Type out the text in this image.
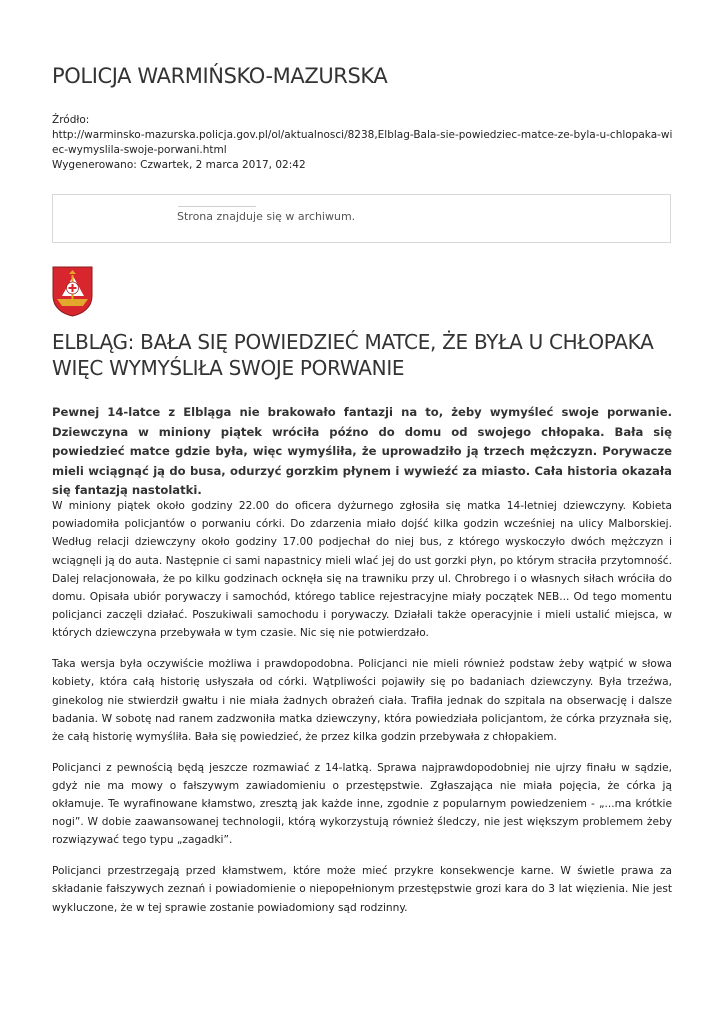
POLICJA WARMIŃSKO-MAZURSKA
Źródło:
http://warminsko-mazurska.policja.gov.pl/ol/aktualnosci/8238,Elblag-Bala-sie-powiedziec-matce-ze-byla-u-chlopaka-wiec-wymyslila-swoje-porwani.html
Wygenerowano: Czwartek, 2 marca 2017, 02:42
Strona znajduje się w archiwum.
ELBLĄG: BAŁA SIĘ POWIEDZIEĆ MATCE, ŻE BYŁA U CHŁOPAKA WIĘC WYMYŚLIŁA SWOJE PORWANIE

Pewnej 14-latce z Elbląga nie brakowało fantazji na to, żeby wymyśleć swoje porwanie. Dziewczyna w miniony piątek wróciła późno do domu od swojego chłopaka. Bała się powiedzieć matce gdzie była, więc wymyśliła, że uprowadziło ją trzech mężczyzn. Porywacze mieli wciągnąć ją do busa, odurzyć gorzkim płynem i wywieźć za miasto. Cała historia okazała się fantazją nastolatki.

W miniony piątek około godziny 22.00 do oficera dyżurnego zgłosiła się matka 14-letniej dziewczyny. Kobieta powiadomiła policjantów o porwaniu córki. Do zdarzenia miało dojść kilka godzin wcześniej na ulicy Malborskiej. Według relacji dziewczyny około godziny 17.00 podjechał do niej bus, z którego wyskoczyło dwóch mężczyzn i wciągnęli ją do auta. Następnie ci sami napastnicy mieli wlać jej do ust gorzki płyn, po którym straciła przytomność. Dalej relacjonowała, że po kilku godzinach ocknęła się na trawniku przy ul. Chrobrego i o własnych siłach wróciła do domu. Opisała ubiór porywaczy i samochód, którego tablice rejestracyjne miały początek NEB... Od tego momentu policjanci zaczęli działać. Poszukiwali samochodu i porywaczy. Działali także operacyjnie i mieli ustalić miejsca, w których dziewczyna przebywała w tym czasie. Nic się nie potwierdzało.

Taka wersja była oczywiście możliwa i prawdopodobna. Policjanci nie mieli również podstaw żeby wątpić w słowa kobiety, która całą historię usłyszała od córki. Wątpliwości pojawiły się po badaniach dziewczyny. Była trzeźwa, ginekolog nie stwierdził gwałtu i nie miała żadnych obrażeń ciała. Trafiła jednak do szpitala na obserwację i dalsze badania. W sobotę nad ranem zadzwoniła matka dziewczyny, która powiedziała policjantom, że córka przyznała się, że całą historię wymyśliła. Bała się powiedzieć, że przez kilka godzin przebywała z chłopakiem.

Policjanci z pewnością będą jeszcze rozmawiać z 14-latką. Sprawa najprawdopodobniej nie ujrzy finału w sądzie, gdyż nie ma mowy o fałszywym zawiadomieniu o przestępstwie. Zgłaszająca nie miała pojęcia, że córka ją okłamuje. Te wyrafinowane kłamstwo, zresztą jak każde inne, zgodnie z popularnym powiedzeniem - „...ma krótkie nogi”. W dobie zaawansowanej technologii, którą wykorzystują również śledczy, nie jest większym problemem żeby rozwiązywać tego typu „zagadki”.

Policjanci przestrzegają przed kłamstwem, które może mieć przykre konsekwencje karne. W świetle prawa za składanie fałszywych zeznań i powiadomienie o niepopełnionym przestępstwie grozi kara do 3 lat więzienia. Nie jest wykluczone, że w tej sprawie zostanie powiadomiony sąd rodzinny.
